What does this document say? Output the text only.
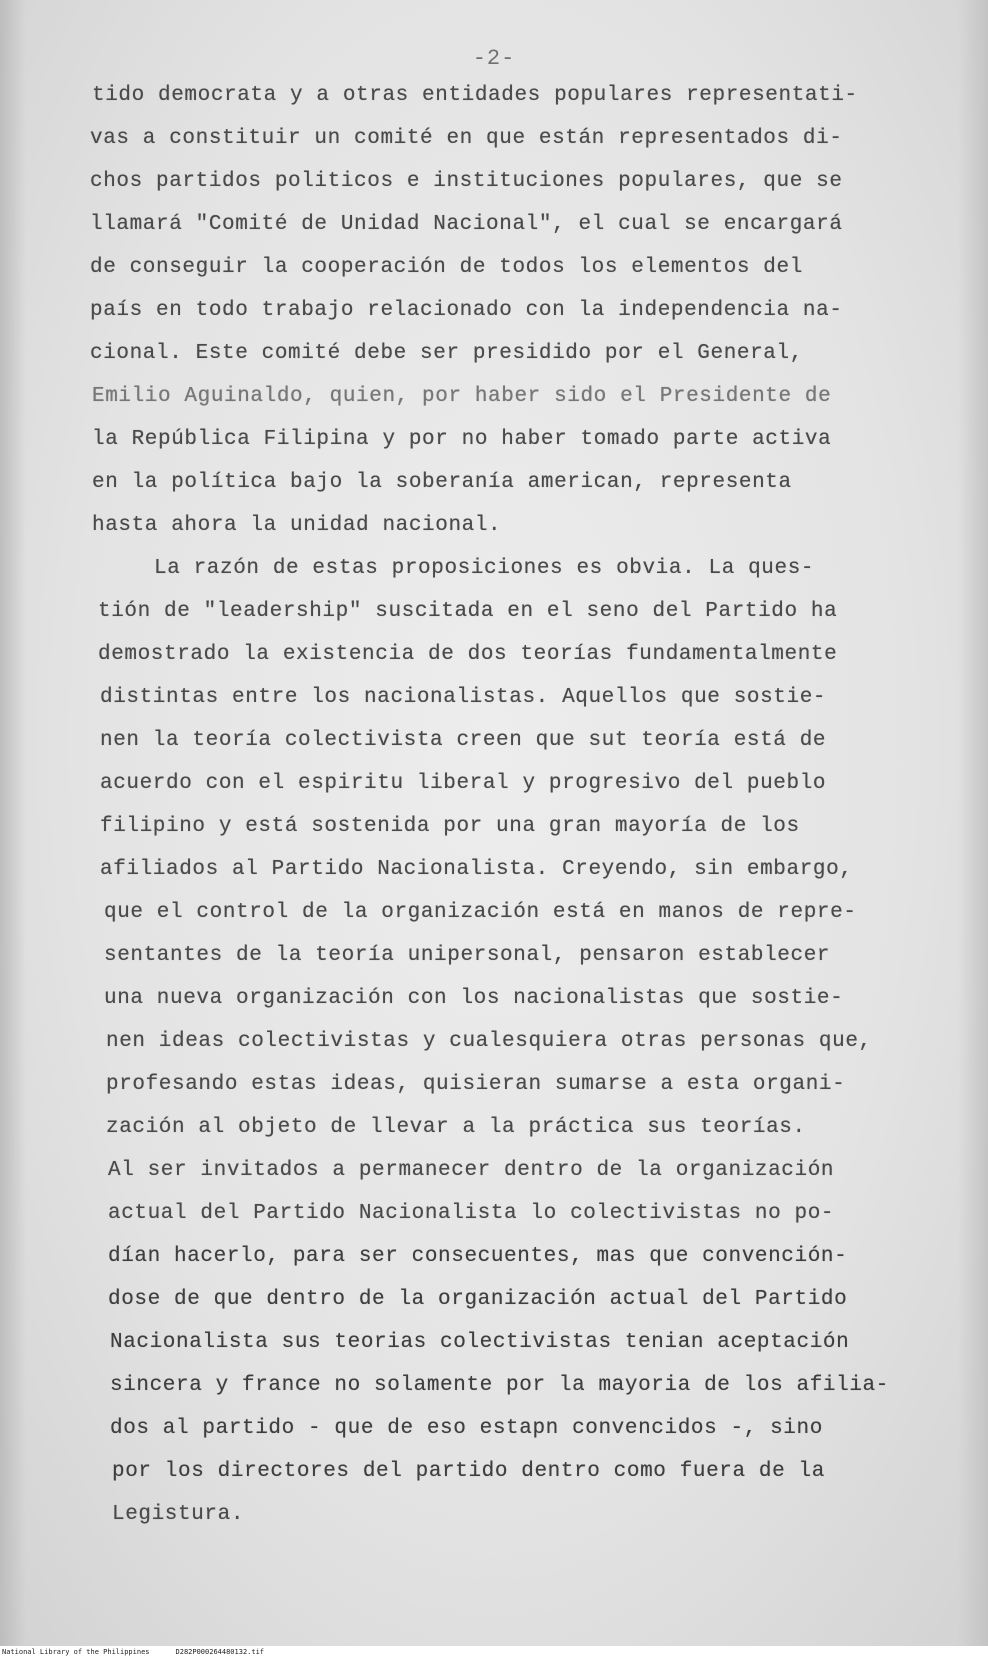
-2-
tido democrata y a otras entidades populares representati-
vas a constituir un comité en que están representados di-
chos partidos politicos e instituciones populares, que se
llamará "Comité de Unidad Nacional", el cual se encargará
de conseguir la cooperación de todos los elementos del
país en todo trabajo relacionado con la independencia na-
cional. Este comité debe ser presidido por el General,
Emilio Aguinaldo, quien, por haber sido el Presidente de
la República Filipina y por no haber tomado parte activa
en la política bajo la soberanía american, representa
hasta ahora la unidad nacional.
La razón de estas proposiciones es obvia. La ques-
tión de "leadership" suscitada en el seno del Partido ha
demostrado la existencia de dos teorías fundamentalmente
distintas entre los nacionalistas. Aquellos que sostie-
nen la teoría colectivista creen que sut teoría está de
acuerdo con el espiritu liberal y progresivo del pueblo
filipino y está sostenida por una gran mayoría de los
afiliados al Partido Nacionalista. Creyendo, sin embargo,
que el control de la organización está en manos de repre-
sentantes de la teoría unipersonal, pensaron establecer
una nueva organización con los nacionalistas que sostie-
nen ideas colectivistas y cualesquiera otras personas que,
profesando estas ideas, quisieran sumarse a esta organi-
zación al objeto de llevar a la práctica sus teorías.
Al ser invitados a permanecer dentro de la organización
actual del Partido Nacionalista lo colectivistas no po-
dían hacerlo, para ser consecuentes, mas que convención-
dose de que dentro de la organización actual del Partido
Nacionalista sus teorias colectivistas tenian aceptación
sincera y france no solamente por la mayoria de los afilia-
dos al partido - que de eso estapn convencidos -, sino
por los directores del partido dentro como fuera de la
Legistura.
National Library of the Philippines	D282P000264480132.tif
